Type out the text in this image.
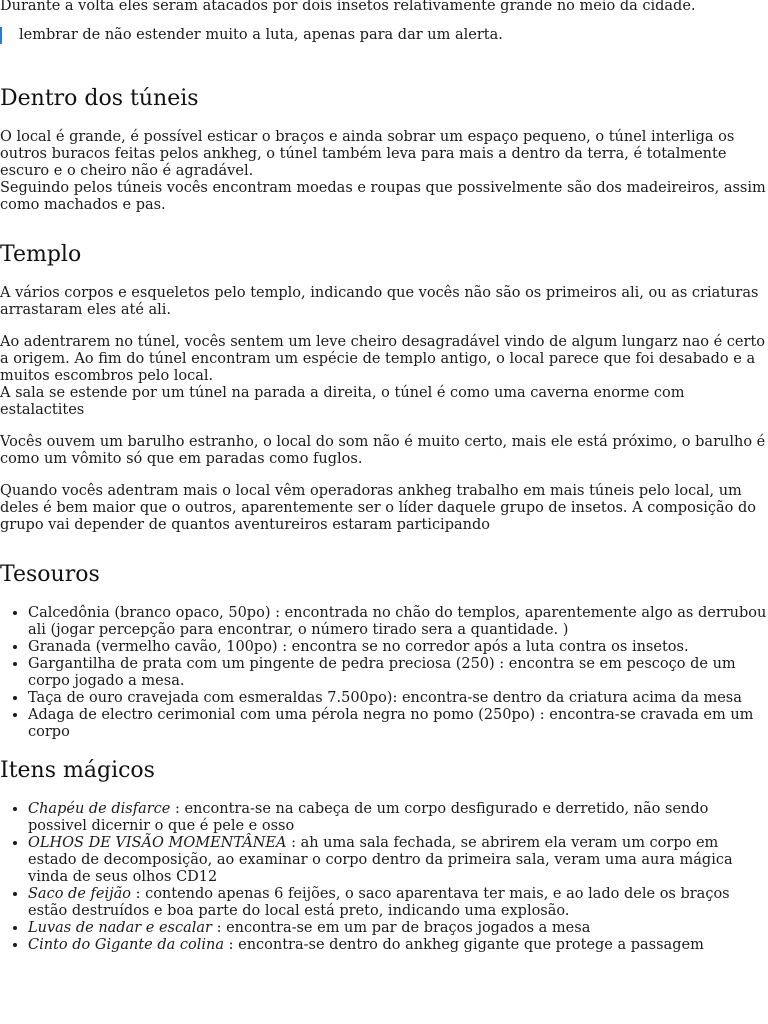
Durante a volta eles seram atacados por dois insetos relativamente grande no meio da cidade.

lembrar de não estender muito a luta, apenas para dar um alerta.

Dentro dos túneis

O local é grande, é possível esticar o braços e ainda sobrar um espaço pequeno, o túnel interliga os outros buracos feitas pelos ankheg, o túnel também leva para mais a dentro da terra, é totalmente escuro e o cheiro não é agradável.

Seguindo pelos túneis vocês encontram moedas e roupas que possivelmente são dos madeireiros, assim como machados e pas.

Templo

A vários corpos e esqueletos pelo templo, indicando que vocês não são os primeiros ali, ou as criaturas arrastaram eles até ali.

Ao adentrarem no túnel, vocês sentem um leve cheiro desagradável vindo de algum lungarz nao é certo a origem. Ao fim do túnel encontram um espécie de templo antigo, o local parece que foi desabado e a muitos escombros pelo local.

A sala se estende por um túnel na parada a direita, o túnel é como uma caverna enorme com estalactites

Vocês ouvem um barulho estranho, o local do som não é muito certo, mais ele está próximo, o barulho é como um vômito só que em paradas como fuglos.

Quando vocês adentram mais o local vêm operadoras ankheg trabalho em mais túneis pelo local, um deles é bem maior que o outros, aparentemente ser o líder daquele grupo de insetos. A composição do grupo vai depender de quantos aventureiros estaram participando

Tesouros
• Calcedônia (branco opaco, 50po) : encontrada no chão do templos, aparentemente algo as derrubou ali (jogar percepção para encontrar, o número tirado sera a quantidade. )
• Granada (vermelho cavão, 100po) : encontra se no corredor após a luta contra os insetos.
• Gargantilha de prata com um pingente de pedra preciosa (250) : encontra se em pescoço de um corpo jogado a mesa.
• Taça de ouro cravejada com esmeraldas 7.500po): encontra-se dentro da criatura acima da mesa
• Adaga de electro cerimonial com uma pérola negra no pomo (250po) : encontra-se cravada em um corpo
Itens mágicos
• Chapéu de disfarce : encontra-se na cabeça de um corpo desfigurado e derretido, não sendo possivel dicernir o que é pele e osso
• OLHOS DE VISÃO MOMENTÂNEA : ah uma sala fechada, se abrirem ela veram um corpo em estado de decomposição, ao examinar o corpo dentro da primeira sala, veram uma aura mágica vinda de seus olhos CD12
• Saco de feijão : contendo apenas 6 feijões, o saco aparentava ter mais, e ao lado dele os braços estão destruídos e boa parte do local está preto, indicando uma explosão.
• Luvas de nadar e escalar : encontra-se em um par de braços jogados a mesa
• Cinto do Gigante da colina : encontra-se dentro do ankheg gigante que protege a passagem
